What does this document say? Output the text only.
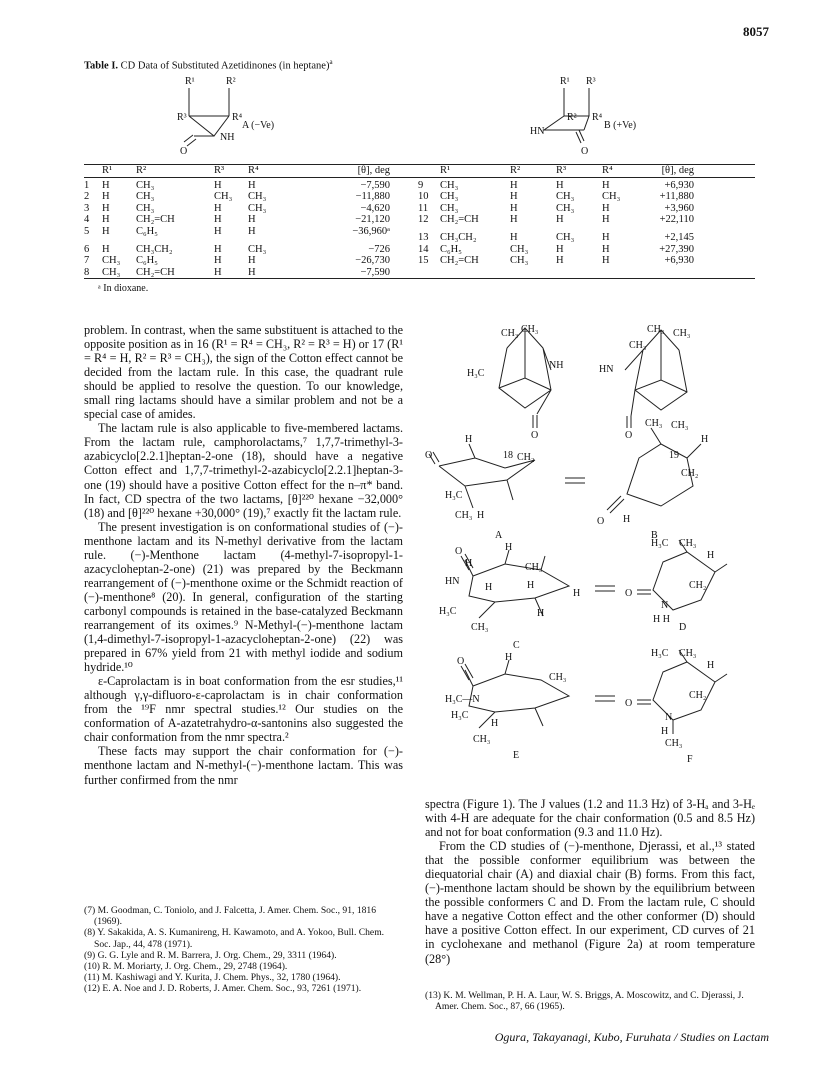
8057
Table I. CD Data of Substituted Azetidinones (in heptane)$^a$
R¹	R²
R³	R⁴
NH
O
A (−Ve)
R¹ R³
R² R⁴
HN
O
B (+Ve)
	R¹	R²	R³	R⁴	[θ], deg

1	H	CH₃	H	H	−7,590
2	H	CH₃	CH₃	CH₃	−11,880
3	H	CH₃	H	CH₃	−4,620
4	H	CH₂=CH	H	H	−21,120
5	H	C₆H₅	H	H	−36,960ᵃ

6	H	CH₃CH₂	H	CH₃	−726
7	CH₃	C₆H₅	H	H	−26,730
8	CH₃	CH₂=CH	H	H	−7,590
	R¹	R²	R³	R⁴	[θ], deg

9	CH₃	H	H	H	+6,930
10	CH₃	H	CH₃	CH₃	+11,880
11	CH₃	H	CH₃	H	+3,960
12	CH₂=CH	H	H	H	+22,110

13	CH₃CH₂	H	CH₃	H	+2,145
14	C₆H₅	CH₃	H	H	+27,390
15	CH₂=CH	CH₃	H	H	+6,930
ᵃ In dioxane.

problem. In contrast, when the same substituent is attached to the opposite position as in 16 (R¹ = R⁴ = CH₃, R² = R³ = H) or 17 (R¹ = R⁴ = H, R² = R³ = CH₃), the sign of the Cotton effect cannot be decided from the lactam rule. In this case, the quadrant rule should be applied to resolve the question. To our knowledge, small ring lactams should have a similar problem and not be a special case of amides.

The lactam rule is also applicable to five-membered lactams. From the lactam rule, camphorolactams,⁷ 1,7,7-trimethyl-3-azabicyclo[2.2.1]heptan-2-one (18), should have a negative Cotton effect and 1,7,7-trimethyl-2-azabicyclo[2.2.1]heptan-3-one (19) should have a positive Cotton effect for the n–π* band. In fact, CD spectra of the two lactams, [θ]²²⁰ hexane −32,000° (18) and [θ]²²⁰ hexane +30,000° (19),⁷ exactly fit the lactam rule.

The present investigation is on conformational studies of (−)-menthone lactam and its N-methyl derivative from the lactam rule. (−)-Menthone lactam (4-methyl-7-isopropyl-1-azacycloheptan-2-one) (21) was prepared by the Beckmann rearrangement of (−)-menthone oxime or the Schmidt reaction of (−)-menthone⁸ (20). In general, configuration of the starting carbonyl compounds is retained in the base-catalyzed Beckmann rearrangement of its oximes.⁹ N-Methyl-(−)-menthone lactam (1,4-dimethyl-7-isopropyl-1-azacycloheptan-2-one) (22) was prepared in 67% yield from 21 with methyl iodide and sodium hydride.¹⁰

ε-Caprolactam is in boat conformation from the esr studies,¹¹ although γ,γ-difluoro-ε-caprolactam is in chair conformation from the ¹⁹F nmr spectral studies.¹² Our studies on the conformation of A-azatetrahydro-α-santonins also suggested the chair conformation from the nmr spectra.²

These facts may support the chair conformation for (−)-menthone lactam and N-methyl-(−)-menthone lactam. This was further confirmed from the nmr

(7) M. Goodman, C. Toniolo, and J. Falcetta, J. Amer. Chem. Soc., 91, 1816 (1969).

(8) Y. Sakakida, A. S. Kumanireng, H. Kawamoto, and A. Yokoo, Bull. Chem. Soc. Jap., 44, 478 (1971).

(9) G. G. Lyle and R. M. Barrera, J. Org. Chem., 29, 3311 (1964).

(10) R. M. Moriarty, J. Org. Chem., 29, 2748 (1964).

(11) M. Kashiwagi and Y. Kurita, J. Chem. Phys., 32, 1780 (1964).

(12) E. A. Noe and J. D. Roberts, J. Amer. Chem. Soc., 93, 7261 (1971).

CH₃ CH₃
H₃C
NH
O
18
CH₃ CH₃
CH₃
HN
O
19
O
H
CH₂
H₃C
CH₃ H
A
CH₃ CH₃
H
CH₂
O H
B
O
H
H
CH₃
HN
H	H
H
H
H₃C
CH₃
C
H₃C CH₃
H
CH₂
O
N
H H
D
O	H
CH₃
H₃C—N
H₃C
H
CH₃
E
H₃C CH₃
H
CH₂
O
N
H
CH₃
F

spectra (Figure 1). The J values (1.2 and 11.3 Hz) of 3-Hₐ and 3-Hₑ with 4-H are adequate for the chair conformation (0.5 and 8.5 Hz) and not for boat conformation (9.3 and 11.0 Hz).

From the CD studies of (−)-menthone, Djerassi, et al.,¹³ stated that the possible conformer equilibrium was between the diequatorial chair (A) and diaxial chair (B) forms. From this fact, (−)-menthone lactam should be shown by the equilibrium between the possible conformers C and D. From the lactam rule, C should have a negative Cotton effect and the other conformer (D) should have a positive Cotton effect. In our experiment, CD curves of 21 in cyclohexane and methanol (Figure 2a) at room temperature (28°)

(13) K. M. Wellman, P. H. A. Laur, W. S. Briggs, A. Moscowitz, and C. Djerassi, J. Amer. Chem. Soc., 87, 66 (1965).

Ogura, Takayanagi, Kubo, Furuhata / Studies on Lactam
